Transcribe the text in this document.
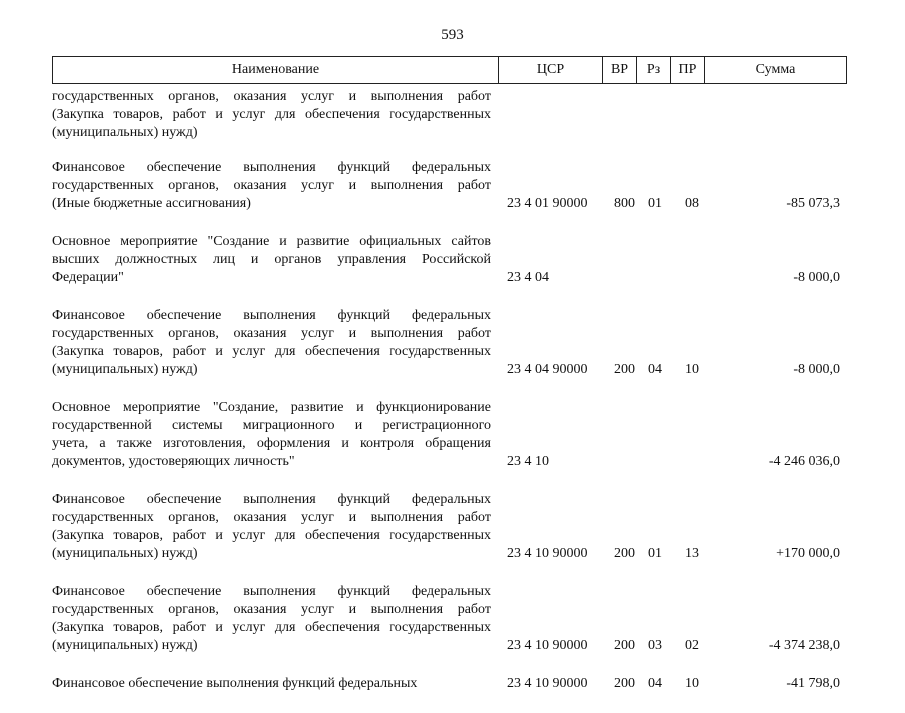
593
Наименование	ЦСР	ВР	Рз	ПР	Сумма
государственных органов, оказания услуг и выполнения работ
(Закупка товаров, работ и услуг для обеспечения государственных
(муниципальных) нужд)
Финансовое обеспечение выполнения функций федеральных
государственных органов, оказания услуг и выполнения работ
(Иные бюджетные ассигнования)	23 4 01 90000 800 01 08	-85 073,3
Основное мероприятие "Создание и развитие официальных сайтов
высших должностных лиц и органов управления Российской
Федерации"	23 4 04	-8 000,0
Финансовое обеспечение выполнения функций федеральных
государственных органов, оказания услуг и выполнения работ
(Закупка товаров, работ и услуг для обеспечения государственных
(муниципальных) нужд)	23 4 04 90000 200 04 10	-8 000,0
Основное мероприятие "Создание, развитие и функционирование
государственной системы миграционного и регистрационного
учета, а также изготовления, оформления и контроля обращения
документов, удостоверяющих личность"	23 4 10	-4 246 036,0
Финансовое обеспечение выполнения функций федеральных
государственных органов, оказания услуг и выполнения работ
(Закупка товаров, работ и услуг для обеспечения государственных
(муниципальных) нужд)	23 4 10 90000 200 01 13	+170 000,0
Финансовое обеспечение выполнения функций федеральных
государственных органов, оказания услуг и выполнения работ
(Закупка товаров, работ и услуг для обеспечения государственных
(муниципальных) нужд)	23 4 10 90000 200 03 02	-4 374 238,0
Финансовое обеспечение выполнения функций федеральных	23 4 10 90000 200 04 10	-41 798,0
